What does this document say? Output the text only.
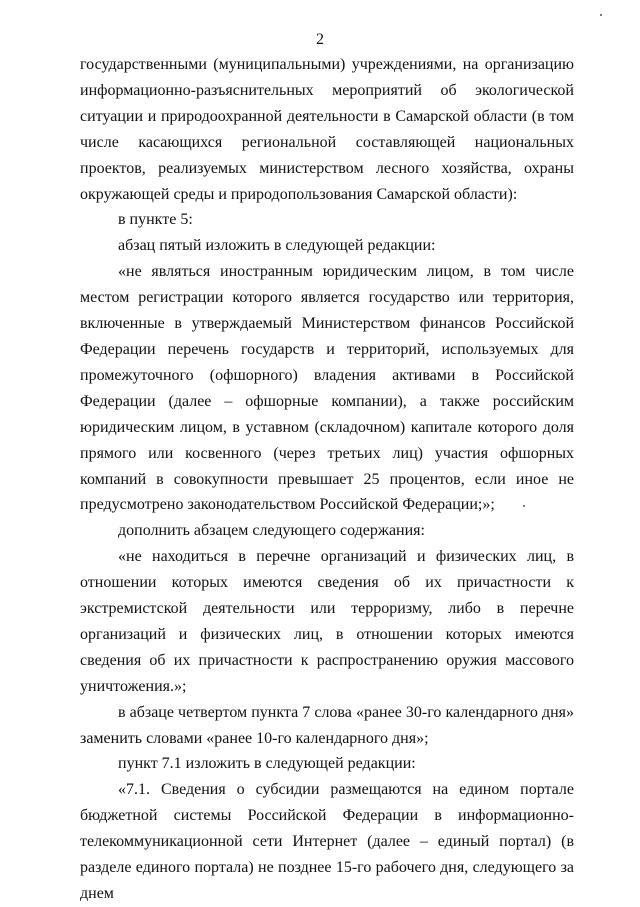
2

государственными (муниципальными) учреждениями, на организацию информационно-разъяснительных мероприятий об экологической ситуации и природоохранной деятельности в Самарской области (в том числе касающихся региональной составляющей национальных проектов, реализуемых министерством лесного хозяйства, охраны окружающей среды и природопользования Самарской области):

в пункте 5:

абзац пятый изложить в следующей редакции:

«не являться иностранным юридическим лицом, в том числе местом регистрации которого является государство или территория, включенные в утверждаемый Министерством финансов Российской Федерации перечень государств и территорий, используемых для промежуточного (офшорного) владения активами в Российской Федерации (далее – офшорные компании), а также российским юридическим лицом, в уставном (складочном) капитале которого доля прямого или косвенного (через третьих лиц) участия офшорных компаний в совокупности превышает 25 процентов, если иное не предусмотрено законодательством Российской Федерации;»;

дополнить абзацем следующего содержания:

«не находиться в перечне организаций и физических лиц, в отношении которых имеются сведения об их причастности к экстремистской деятельности или терроризму, либо в перечне организаций и физических лиц, в отношении которых имеются сведения об их причастности к распространению оружия массового уничтожения.»;

в абзаце четвертом пункта 7 слова «ранее 30-го календарного дня» заменить словами «ранее 10-го календарного дня»;

пункт 7.1 изложить в следующей редакции:

«7.1. Сведения о субсидии размещаются на едином портале бюджетной системы Российской Федерации в информационно-телекоммуникационной сети Интернет (далее – единый портал) (в разделе единого портала) не позднее 15-го рабочего дня, следующего за днем
